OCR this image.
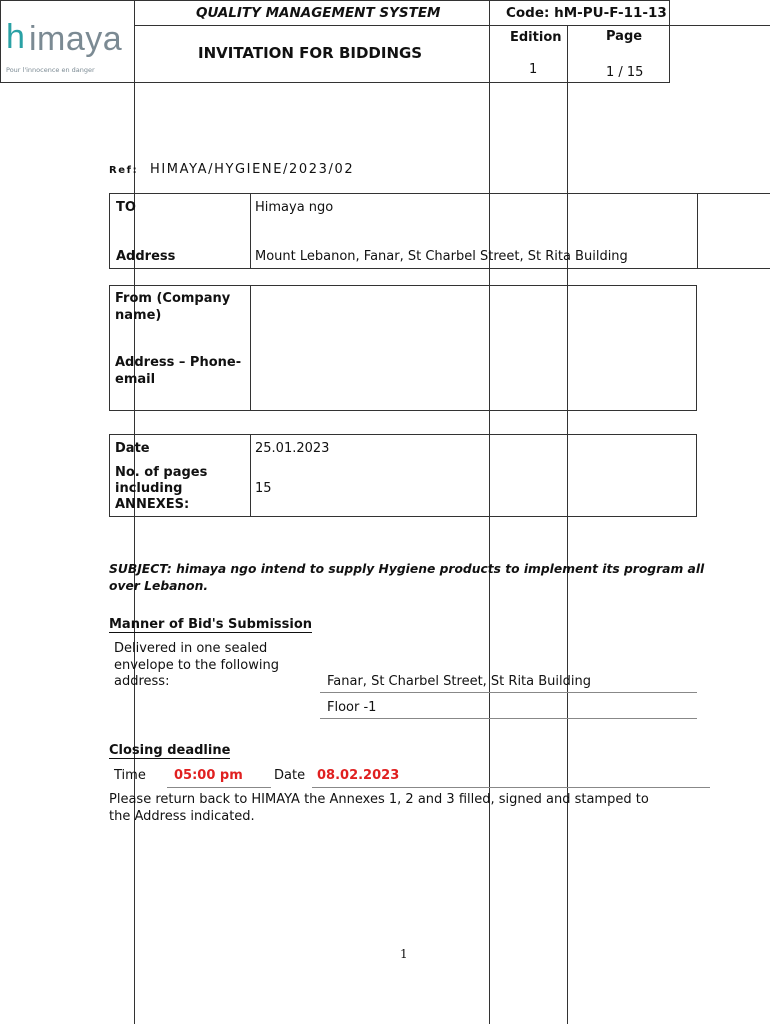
h imaya
Pour l'innocence en danger
QUALITY MANAGEMENT SYSTEM
INVITATION FOR BIDDINGS
Code: hM-PU-F-11-13
Edition
1
Page
1 / 15
Ref: HIMAYA/HYGIENE/2023/02
TO	Himaya ngo
Address	Mount Lebanon, Fanar, St Charbel Street, St Rita Building
From (Company
name)
Address – Phone-
email
Date	25.01.2023
No. of pages
including
ANNEXES:
15
SUBJECT: himaya ngo intend to supply Hygiene products to implement its program all
over Lebanon.
Manner of Bid's Submission
Delivered in one sealed
envelope to the following
address:	Fanar, St Charbel Street, St Rita Building
Floor -1
Closing deadline
Time 05:00 pm Date 08.02.2023
Please return back to HIMAYA the Annexes 1, 2 and 3 filled, signed and stamped to
the Address indicated.
1
